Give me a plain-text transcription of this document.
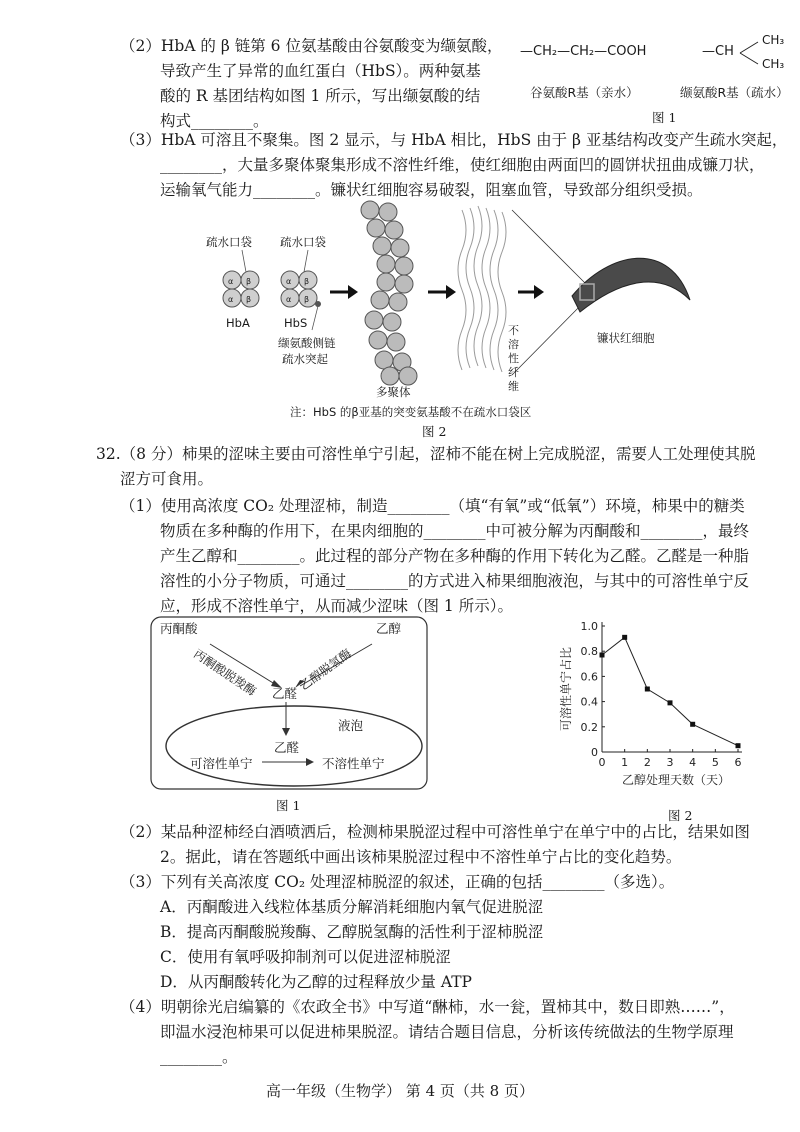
（2）HbA 的 β 链第 6 位氨基酸由谷氨酸变为缬氨酸，
导致产生了异常的血红蛋白（HbS）。两种氨基
酸的 R 基团结构如图 1 所示，写出缬氨酸的结
构式________。
—CH₂—CH₂—COOH	—CH
CH₃
CH₃
谷氨酸R基（亲水）	缬氨酸R基（疏水）
图 1
（3）HbA 可溶且不聚集。图 2 显示，与 HbA 相比，HbS 由于 β 亚基结构改变产生疏水突起，
________，大量多聚体聚集形成不溶性纤维，使红细胞由两面凹的圆饼状扭曲成镰刀状，
运输氧气能力________。镰状红细胞容易破裂，阻塞血管，导致部分组织受损。
α β
α β
α β
α β
疏水口袋 疏水口袋
HbA	HbS
缬氨酸侧链
疏水突起
多聚体
不溶性纤维
镰状红细胞
注：HbS 的β亚基的突变氨基酸不在疏水口袋区
图 2
32.（8 分）柿果的涩味主要由可溶性单宁引起，涩柿不能在树上完成脱涩，需要人工处理使其脱
涩方可食用。
（1）使用高浓度 CO₂ 处理涩柿，制造________（填“有氧”或“低氧”）环境，柿果中的糖类
物质在多种酶的作用下，在果肉细胞的________中可被分解为丙酮酸和________，最终
产生乙醇和________。此过程的部分产物在多种酶的作用下转化为乙醛。乙醛是一种脂
溶性的小分子物质，可通过________的方式进入柿果细胞液泡，与其中的可溶性单宁反
应，形成不溶性单宁，从而减少涩味（图 1 所示）。
丙酮酸	乙醇
丙酮酸脱羧酶	乙醇脱氢酶
乙醛
液泡
乙醛
可溶性单宁	不溶性单宁
图 1
0 1 2 3 4 5 6
0
0.2
0.4
0.6
0.8
1.0
乙醇处理天数（天）
可溶性单宁占比
图 2
（2）某品种涩柿经白酒喷洒后，检测柿果脱涩过程中可溶性单宁在单宁中的占比，结果如图
2。据此，请在答题纸中画出该柿果脱涩过程中不溶性单宁占比的变化趋势。
（3）下列有关高浓度 CO₂ 处理涩柿脱涩的叙述，正确的包括________（多选）。
A．丙酮酸进入线粒体基质分解消耗细胞内氧气促进脱涩
B．提高丙酮酸脱羧酶、乙醇脱氢酶的活性利于涩柿脱涩
C．使用有氧呼吸抑制剂可以促进涩柿脱涩
D．从丙酮酸转化为乙醇的过程释放少量 ATP
（4）明朝徐光启编纂的《农政全书》中写道“醂柿，水一瓮，置柿其中，数日即熟……”，
即温水浸泡柿果可以促进柿果脱涩。请结合题目信息，分析该传统做法的生物学原理
________。
高一年级（生物学） 第 4 页（共 8 页）
